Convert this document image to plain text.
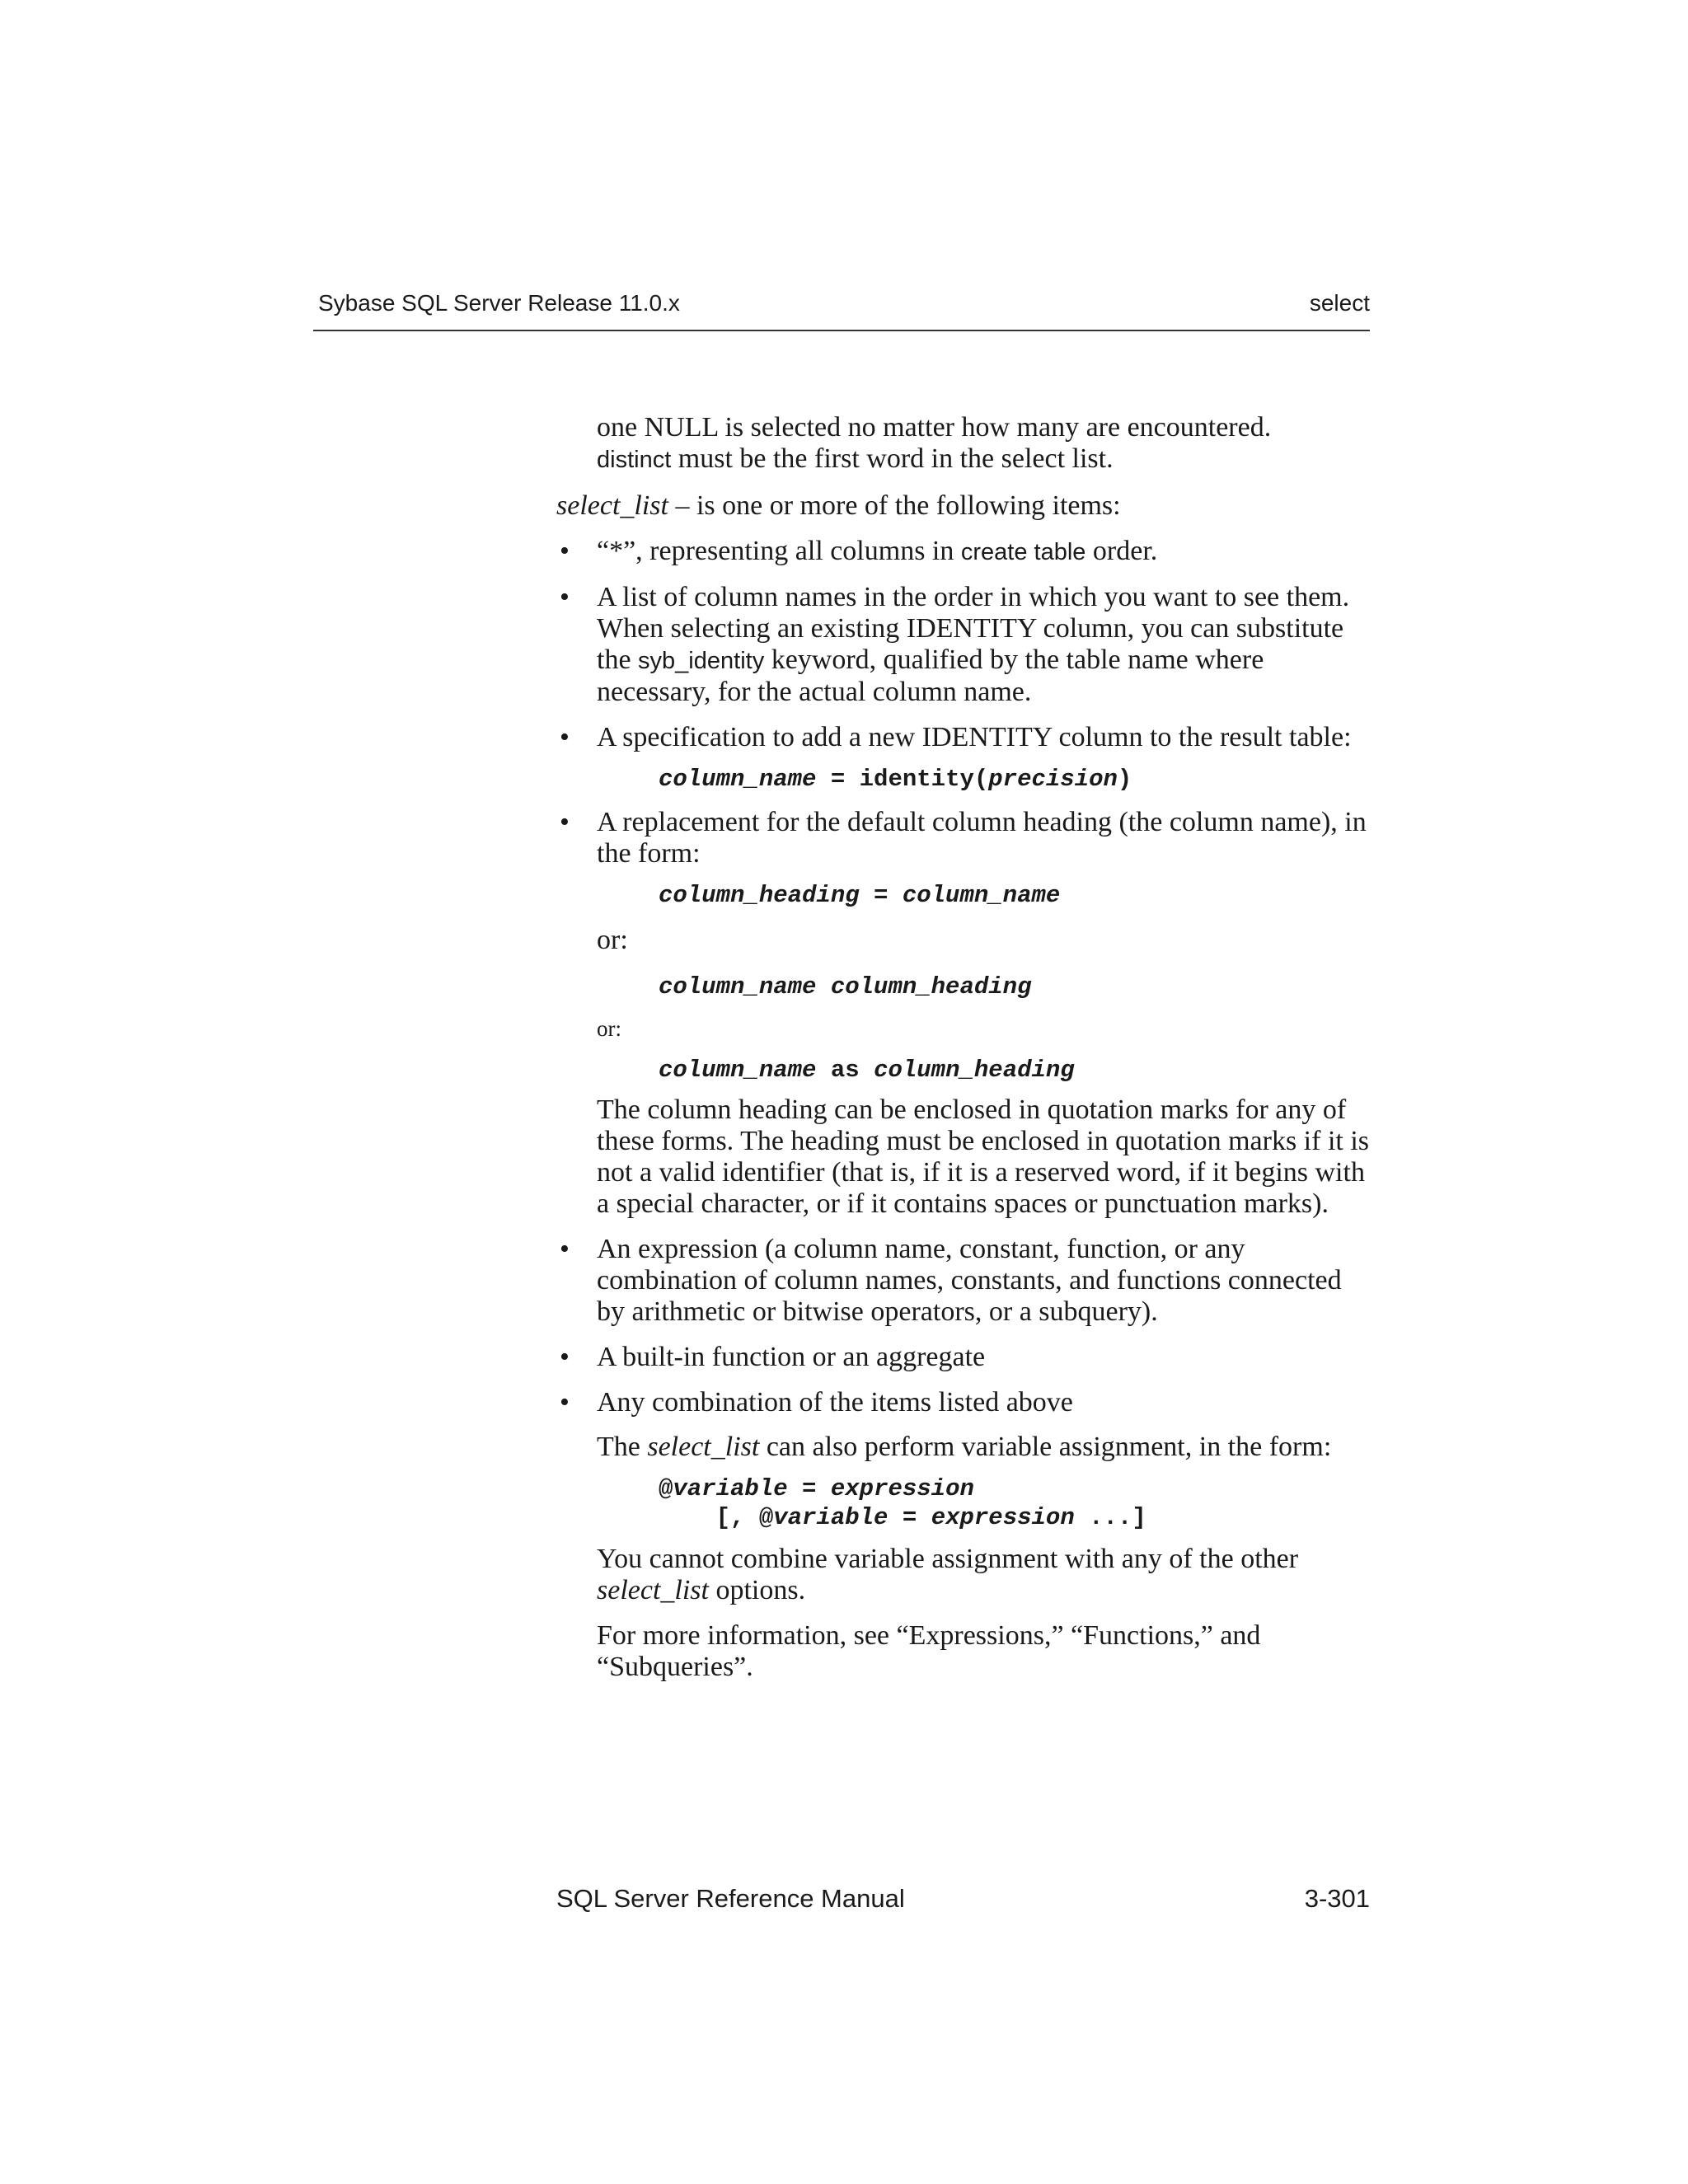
Sybase SQL Server Release 11.0.x	select

one NULL is selected no matter how many are encountered.
distinct must be the first word in the select list.

select_list – is one or more of the following items:

• “*”, representing all columns in create table order.
• A list of column names in the order in which you want to see them. When selecting an existing IDENTITY column, you can substitute the syb_identity keyword, qualified by the table name where necessary, for the actual column name.
• A specification to add a new IDENTITY column to the result table:
column_name = identity(precision)
• A replacement for the default column heading (the column name), in the form:
column_heading = column_name

or:

column_name column_heading

or:

column_name as column_heading

The column heading can be enclosed in quotation marks for any of these forms. The heading must be enclosed in quotation marks if it is not a valid identifier (that is, if it is a reserved word, if it begins with a special character, or if it contains spaces or punctuation marks).

• An expression (a column name, constant, function, or any combination of column names, constants, and functions connected by arithmetic or bitwise operators, or a subquery).
• A built-in function or an aggregate
• Any combination of the items listed above

The select_list can also perform variable assignment, in the form:

@variable = expression
[, @variable = expression ...]

You cannot combine variable assignment with any of the other select_list options.

For more information, see “Expressions,” “Functions,” and “Subqueries”.

SQL Server Reference Manual	3-301
